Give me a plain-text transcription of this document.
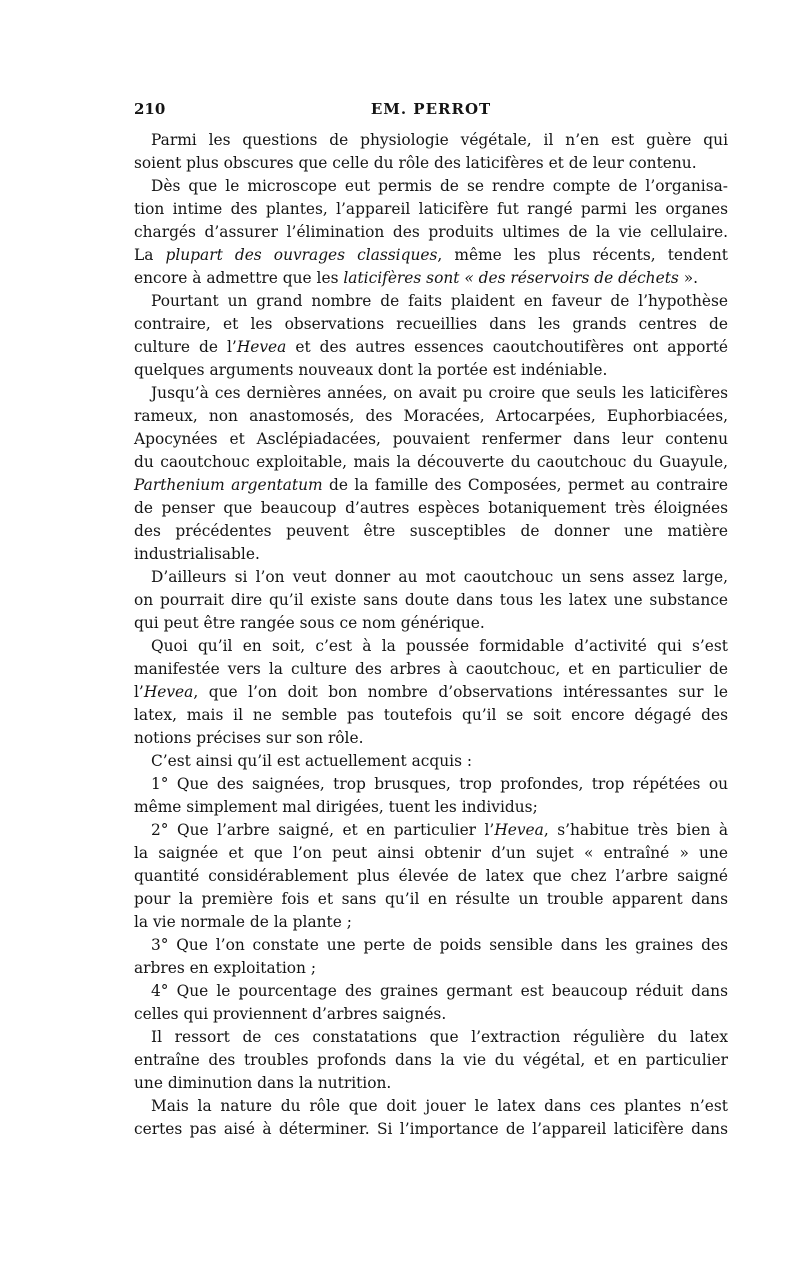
210	EM. PERROT
Parmi les questions de physiologie végétale, il n’en est guère qui
soient plus obscures que celle du rôle des laticifères et de leur contenu.
Dès que le microscope eut permis de se rendre compte de l’organisa-
tion intime des plantes, l’appareil laticifère fut rangé parmi les organes
chargés d’assurer l’élimination des produits ultimes de la vie cellulaire.
La plupart des ouvrages classiques, même les plus récents, tendent
encore à admettre que les laticifères sont « des réservoirs de déchets ».
Pourtant un grand nombre de faits plaident en faveur de l’hypothèse
contraire, et les observations recueillies dans les grands centres de
culture de l’Hevea et des autres essences caoutchoutifères ont apporté
quelques arguments nouveaux dont la portée est indéniable.
Jusqu’à ces dernières années, on avait pu croire que seuls les laticifères
rameux, non anastomosés, des Moracées, Artocarpées, Euphorbiacées,
Apocynées et Asclépiadacées, pouvaient renfermer dans leur contenu
du caoutchouc exploitable, mais la découverte du caoutchouc du Guayule,
Parthenium argentatum de la famille des Composées, permet au contraire
de penser que beaucoup d’autres espèces botaniquement très éloignées
des précédentes peuvent être susceptibles de donner une matière
industrialisable.
D’ailleurs si l’on veut donner au mot caoutchouc un sens assez large,
on pourrait dire qu’il existe sans doute dans tous les latex une substance
qui peut être rangée sous ce nom générique.
Quoi qu’il en soit, c’est à la poussée formidable d’activité qui s’est
manifestée vers la culture des arbres à caoutchouc, et en particulier de
l’Hevea, que l’on doit bon nombre d’observations intéressantes sur le
latex, mais il ne semble pas toutefois qu’il se soit encore dégagé des
notions précises sur son rôle.
C’est ainsi qu’il est actuellement acquis :
1° Que des saignées, trop brusques, trop profondes, trop répétées ou
même simplement mal dirigées, tuent les individus;
2° Que l’arbre saigné, et en particulier l’Hevea, s’habitue très bien à
la saignée et que l’on peut ainsi obtenir d’un sujet « entraîné » une
quantité considérablement plus élevée de latex que chez l’arbre saigné
pour la première fois et sans qu’il en résulte un trouble apparent dans
la vie normale de la plante ;
3° Que l’on constate une perte de poids sensible dans les graines des
arbres en exploitation ;
4° Que le pourcentage des graines germant est beaucoup réduit dans
celles qui proviennent d’arbres saignés.
Il ressort de ces constatations que l’extraction régulière du latex
entraîne des troubles profonds dans la vie du végétal, et en particulier
une diminution dans la nutrition.
Mais la nature du rôle que doit jouer le latex dans ces plantes n’est
certes pas aisé à déterminer. Si l’importance de l’appareil laticifère dans
